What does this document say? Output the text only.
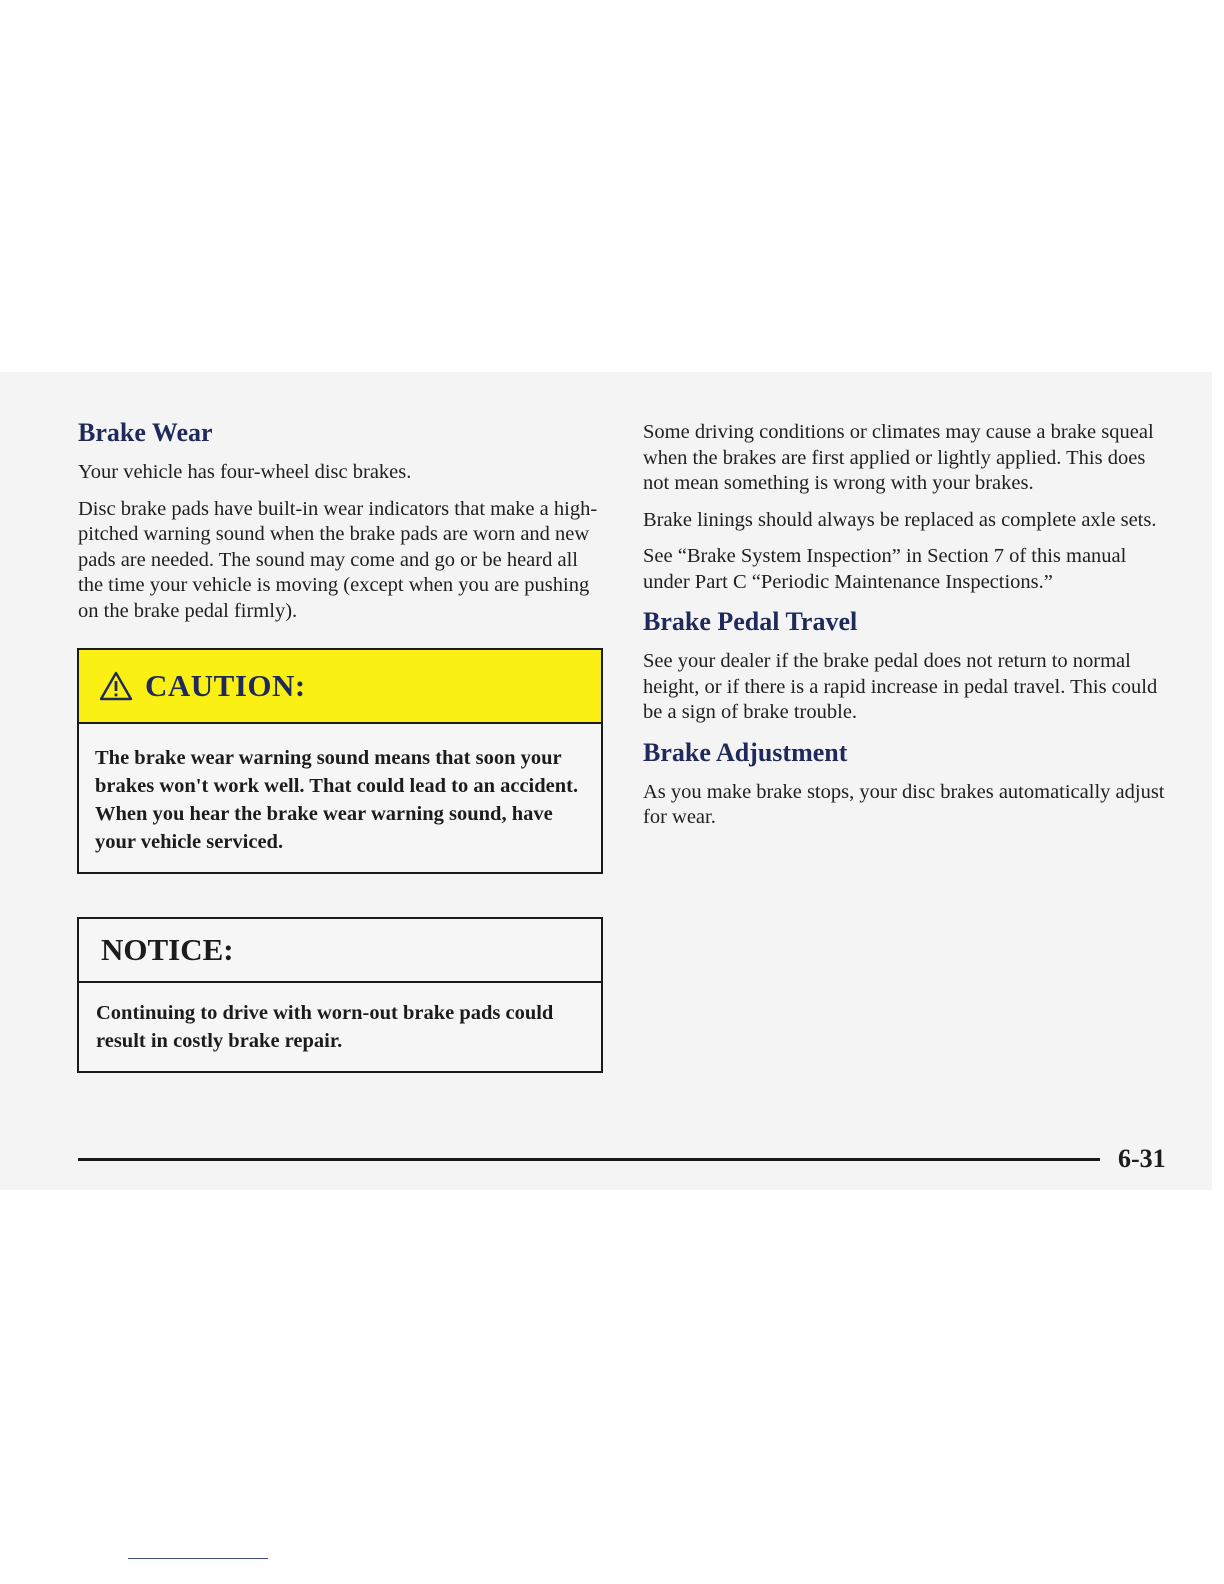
Brake Wear

Your vehicle has four-wheel disc brakes.

Disc brake pads have built-in wear indicators that make a high-pitched warning sound when the brake pads are worn and new pads are needed. The sound may come and go or be heard all the time your vehicle is moving (except when you are pushing on the brake pedal firmly).

CAUTION:
The brake wear warning sound means that soon your brakes won't work well. That could lead to an accident. When you hear the brake wear warning sound, have your vehicle serviced.
NOTICE:
Continuing to drive with worn-out brake pads could result in costly brake repair.

Some driving conditions or climates may cause a brake squeal when the brakes are first applied or lightly applied. This does not mean something is wrong with your brakes.

Brake linings should always be replaced as complete axle sets.

See “Brake System Inspection” in Section 7 of this manual under Part C “Periodic Maintenance Inspections.”

Brake Pedal Travel

See your dealer if the brake pedal does not return to normal height, or if there is a rapid increase in pedal travel. This could be a sign of brake trouble.

Brake Adjustment

As you make brake stops, your disc brakes automatically adjust for wear.

6-31
